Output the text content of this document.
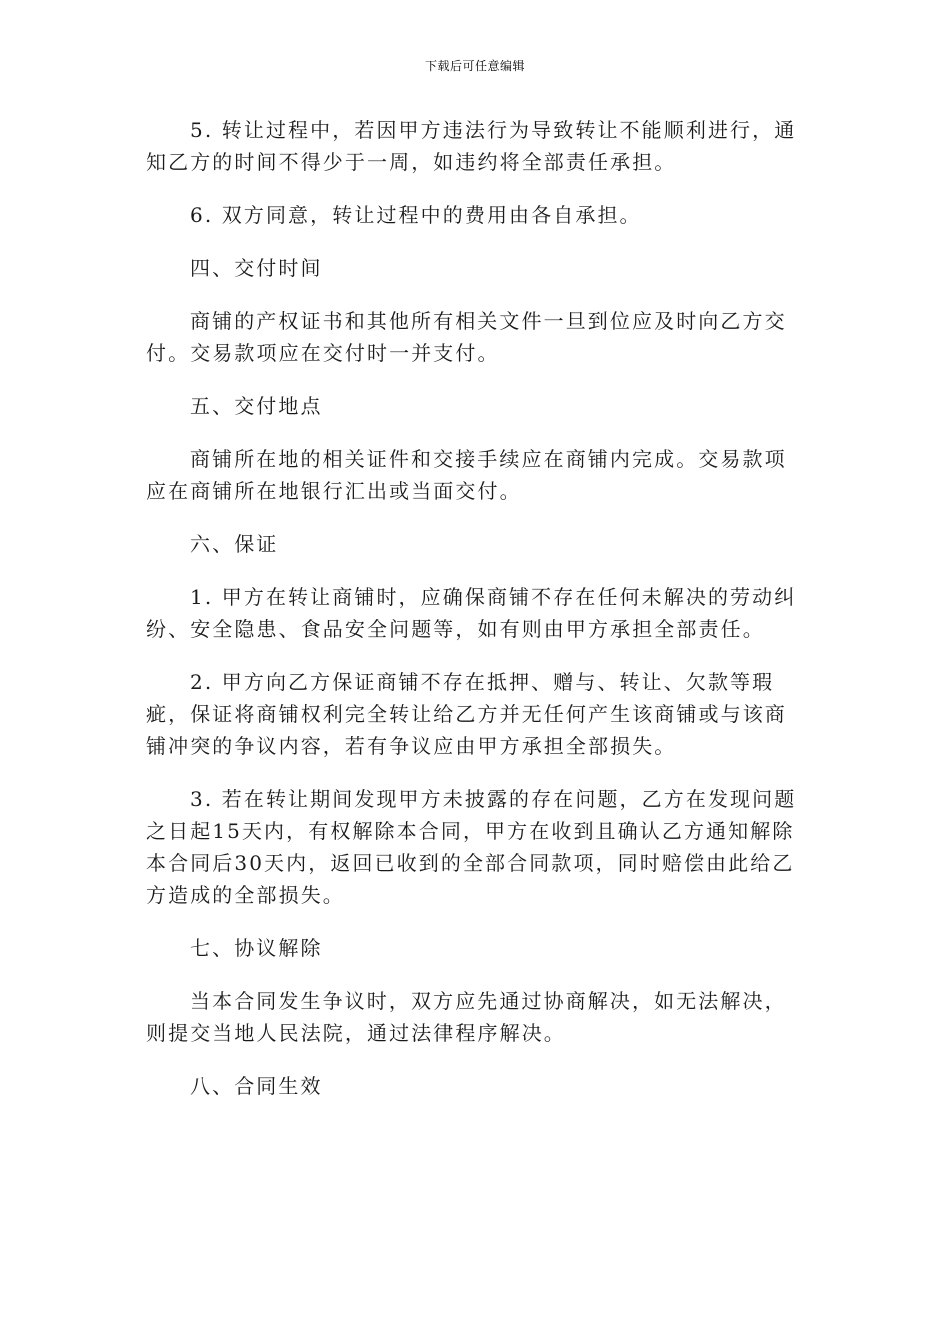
下载后可任意编辑

5. 转让过程中，若因甲方违法行为导致转让不能顺利进行，通知乙方的时间不得少于一周，如违约将全部责任承担。

6. 双方同意，转让过程中的费用由各自承担。

四、交付时间

商铺的产权证书和其他所有相关文件一旦到位应及时向乙方交付。交易款项应在交付时一并支付。

五、交付地点

商铺所在地的相关证件和交接手续应在商铺内完成。交易款项应在商铺所在地银行汇出或当面交付。

六、保证

1. 甲方在转让商铺时，应确保商铺不存在任何未解决的劳动纠纷、安全隐患、食品安全问题等，如有则由甲方承担全部责任。

2. 甲方向乙方保证商铺不存在抵押、赠与、转让、欠款等瑕疵，保证将商铺权利完全转让给乙方并无任何产生该商铺或与该商铺冲突的争议内容，若有争议应由甲方承担全部损失。

3. 若在转让期间发现甲方未披露的存在问题，乙方在发现问题之日起15天内，有权解除本合同，甲方在收到且确认乙方通知解除本合同后30天内，返回已收到的全部合同款项，同时赔偿由此给乙方造成的全部损失。

七、协议解除

当本合同发生争议时，双方应先通过协商解决，如无法解决，则提交当地人民法院，通过法律程序解决。

八、合同生效
